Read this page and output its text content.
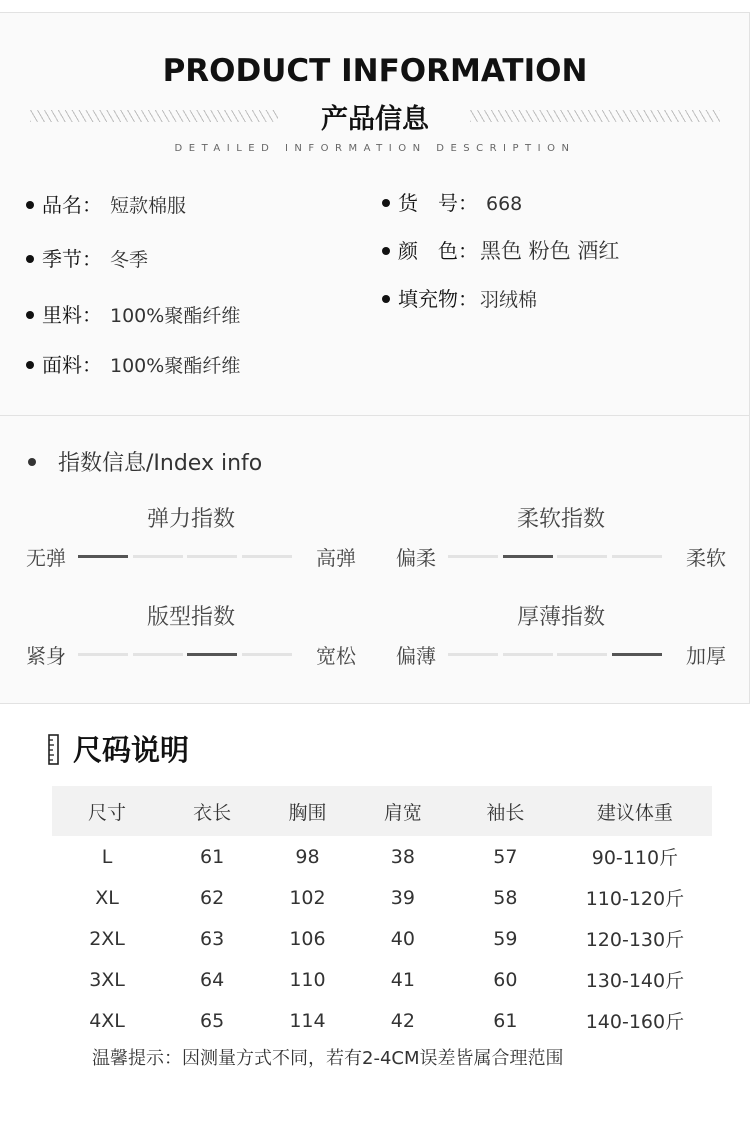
PRODUCT INFORMATION
产品信息
DETAILED INFORMATION DESCRIPTION
品名： 短款棉服
季节： 冬季
里料： 100%聚酯纤维
面料： 100%聚酯纤维
货　号： 668
颜　色：黑色 粉色 酒红
填充物： 羽绒棉
指数信息/Index info
弹力指数
无弹	高弹
柔软指数
偏柔	柔软
版型指数
紧身	宽松
厚薄指数
偏薄	加厚
尺码说明
尺寸	衣长	胸围	肩宽	袖长	建议体重
L	61	98	38	57	90-110斤
XL	62	102	39	58	110-120斤
2XL	63	106	40	59	120-130斤
3XL	64	110	41	60	130-140斤
4XL	65	114	42	61	140-160斤
温馨提示：因测量方式不同，若有2-4CM误差皆属合理范围
